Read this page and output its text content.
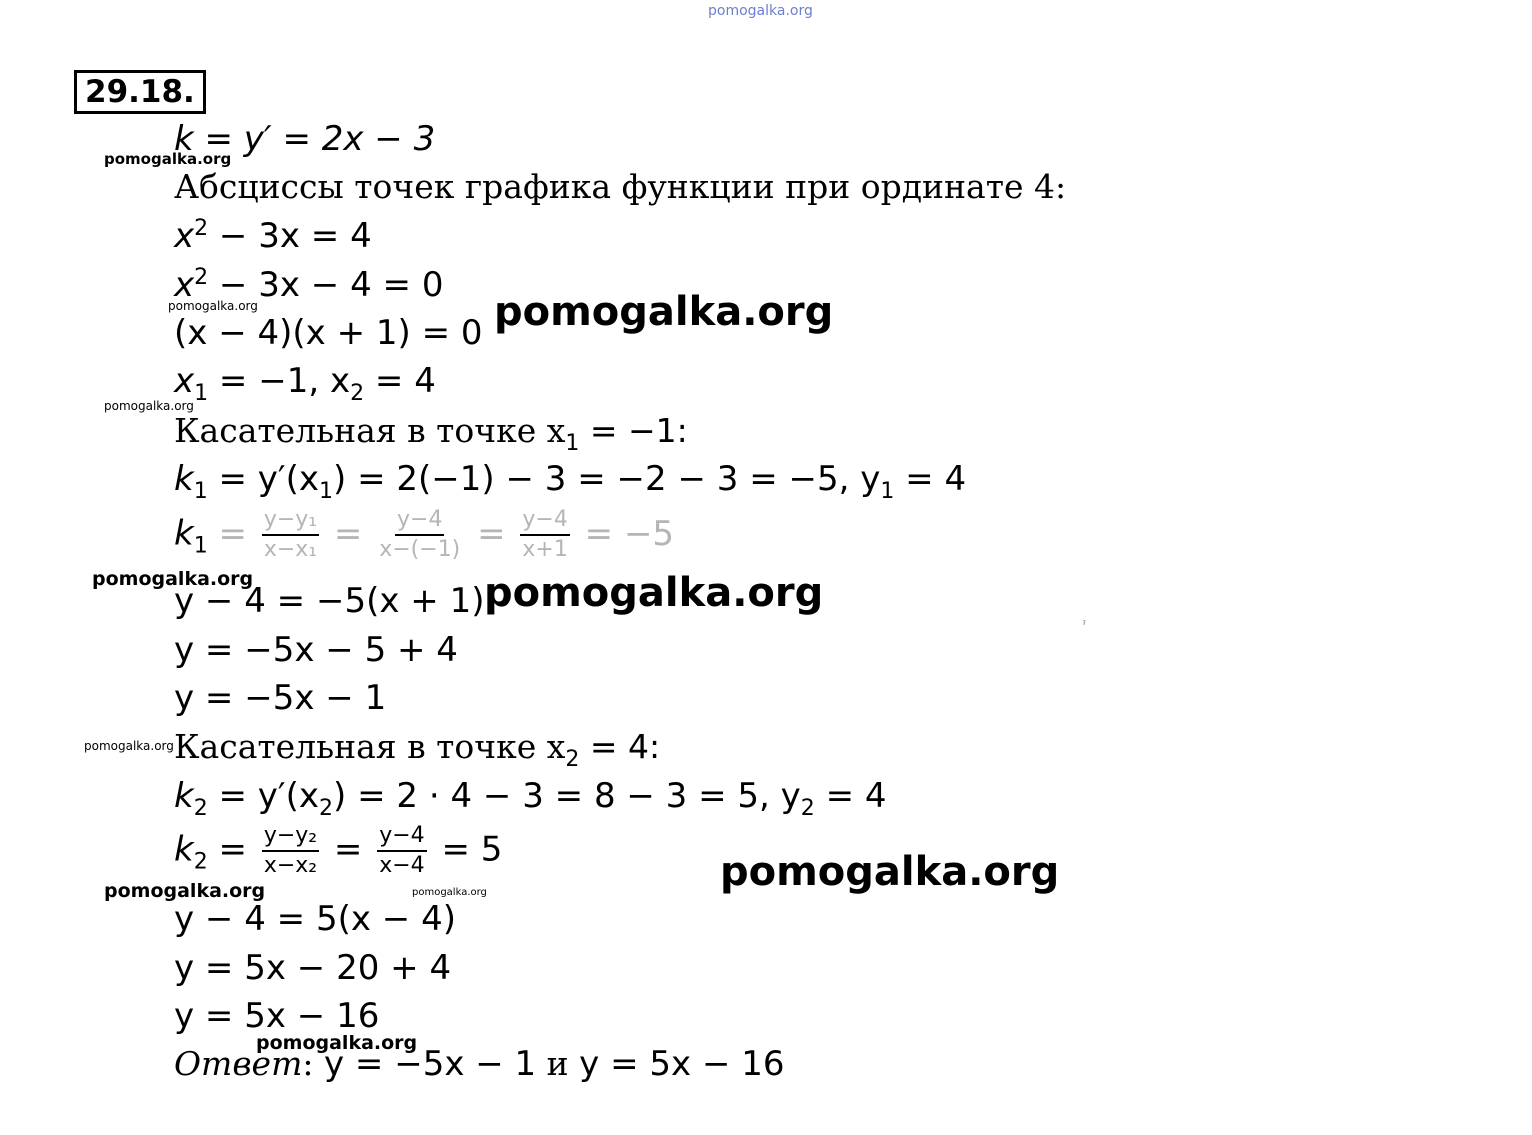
pomogalka.org
29.18.
k = y′ = 2x − 3
pomogalka.org
Абсциссы точек графика функции при ординате 4:
$x^2 - 3x = 4$
$x^2 - 3x - 4 = 0$
pomogalka.org
(x − 4)(x + 1) = 0 pomogalka.org
$x_1 = -1$, $x_2 = 4$
pomogalka.org
Касательная в точке $x_1 = -1$:
$k_1 = y'(x_1) = 2(-1) - 3 = -2 - 3 = -5$, $y_1 = 4$
$k_1 = \frac{\text{y−y₁}}{\text{x−x₁}} = \frac{y-4}{x-(-1)} = \frac{y-4}{x+1} = -5$
pomogalka.org
y − 4 = −5(x + 1) pomogalka.org
ˀ
y = −5x − 5 + 4
y = −5x − 1
pomogalka.org Касательная в точке $x_2 = 4$:
$k_2 = y'(x_2) = 2 \cdot 4 - 3 = 8 - 3 = 5$, $y_2 = 4$
$k_2 = \frac{\text{y−y₂}}{\text{x−x₂}} = \frac{y-4}{x-4} = 5$
pomogalka.org	pomogalka.org	pomogalka.org
y − 4 = 5(x − 4)
y = 5x − 20 + 4
y = 5x − 16
pomogalka.org
Ответ: y = −5x − 1 и y = 5x − 16
